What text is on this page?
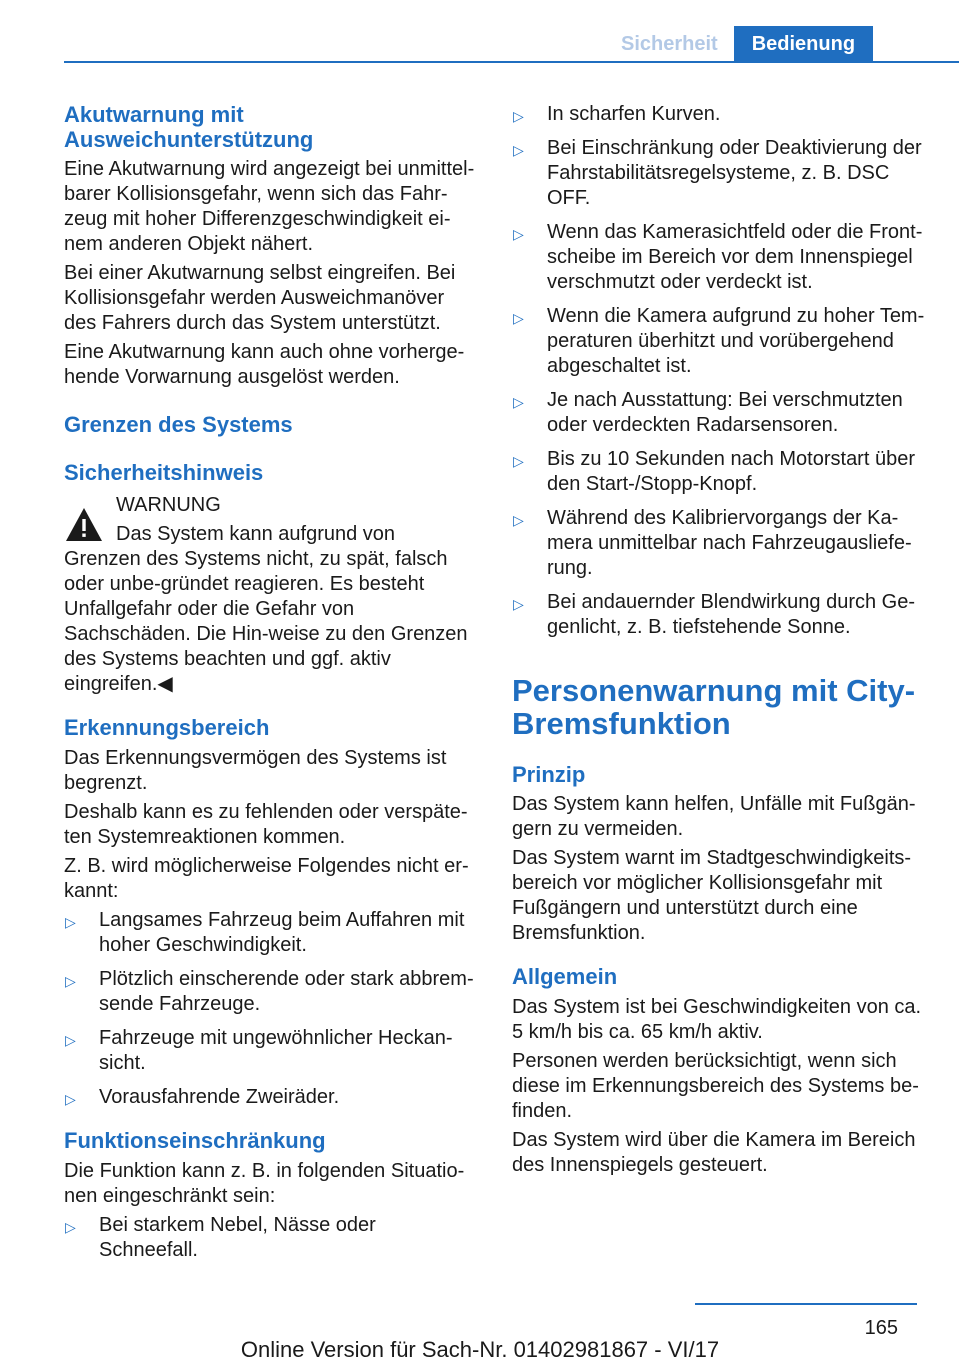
Sicherheit	Bedienung
Akutwarnung mit Ausweichunterstützung

Eine Akutwarnung wird angezeigt bei unmittel‐barer Kollisionsgefahr, wenn sich das Fahr‐zeug mit hoher Differenzgeschwindigkeit ei‐nem anderen Objekt nähert.

Bei einer Akutwarnung selbst eingreifen. Bei Kollisionsgefahr werden Ausweichmanöver des Fahrers durch das System unterstützt.

Eine Akutwarnung kann auch ohne vorherge‐hende Vorwarnung ausgelöst werden.

Grenzen des Systems
Sicherheitshinweis

WARNUNG

Das System kann aufgrund von Grenzen des Systems nicht, zu spät, falsch oder unbe‐gründet reagieren. Es besteht Unfallgefahr oder die Gefahr von Sachschäden. Die Hin‐weise zu den Grenzen des Systems beachten und ggf. aktiv eingreifen.◀

Erkennungsbereich

Das Erkennungsvermögen des Systems ist begrenzt.

Deshalb kann es zu fehlenden oder verspäte‐ten Systemreaktionen kommen.

Z. B. wird möglicherweise Folgendes nicht er‐kannt:

▷ Langsames Fahrzeug beim Auffahren mit hoher Geschwindigkeit.
▷ Plötzlich einscherende oder stark abbrem‐sende Fahrzeuge.
▷ Fahrzeuge mit ungewöhnlicher Heckan‐sicht.
▷ Vorausfahrende Zweiräder.
Funktionseinschränkung

Die Funktion kann z. B. in folgenden Situatio‐nen eingeschränkt sein:

▷ Bei starkem Nebel, Nässe oder Schneefall.
▷ In scharfen Kurven.
▷ Bei Einschränkung oder Deaktivierung der Fahrstabilitätsregelsysteme, z. B. DSC OFF.
▷ Wenn das Kamerasichtfeld oder die Front‐scheibe im Bereich vor dem Innenspiegel verschmutzt oder verdeckt ist.
▷ Wenn die Kamera aufgrund zu hoher Tem‐peraturen überhitzt und vorübergehend abgeschaltet ist.
▷ Je nach Ausstattung: Bei verschmutzten oder verdeckten Radarsensoren.
▷ Bis zu 10 Sekunden nach Motorstart über den Start-/Stopp-Knopf.
▷ Während des Kalibriervorgangs der Ka‐mera unmittelbar nach Fahrzeugausliefe‐rung.
▷ Bei andauernder Blendwirkung durch Ge‐genlicht, z. B. tiefstehende Sonne.
Personenwarnung mit City-Bremsfunktion
Prinzip

Das System kann helfen, Unfälle mit Fußgän‐gern zu vermeiden.

Das System warnt im Stadtgeschwindigkeits‐bereich vor möglicher Kollisionsgefahr mit Fußgängern und unterstützt durch eine Bremsfunktion.

Allgemein

Das System ist bei Geschwindigkeiten von ca. 5 km/h bis ca. 65 km/h aktiv.

Personen werden berücksichtigt, wenn sich diese im Erkennungsbereich des Systems be‐finden.

Das System wird über die Kamera im Bereich des Innenspiegels gesteuert.

165
Online Version für Sach-Nr. 01402981867 - VI/17
